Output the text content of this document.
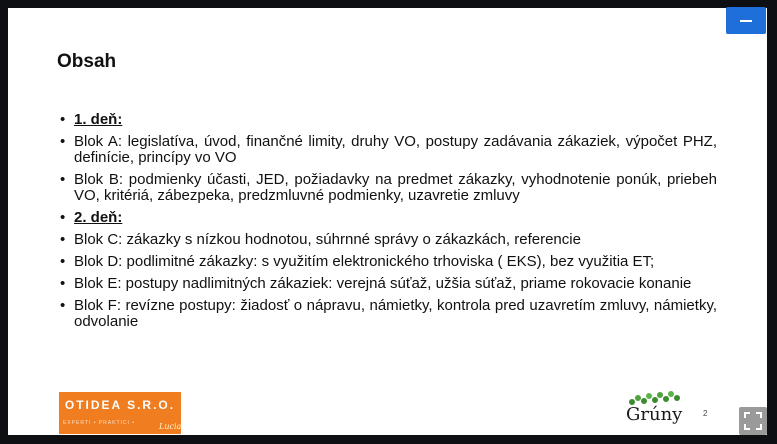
Obsah
• 1. deň:
• Blok A: legislatíva, úvod, finančné limity, druhy VO, postupy zadávania zákaziek, výpočet PHZ, definície, princípy vo VO
• Blok B: podmienky účasti, JED, požiadavky na predmet zákazky, vyhodnotenie ponúk, priebeh VO, kritériá, zábezpeka, predzmluvné podmienky, uzavretie zmluvy
• 2. deň:
• Blok C: zákazky s nízkou hodnotou, súhrnné správy o zákazkách, referencie
• Blok D: podlimitné zákazky: s využitím elektronického trhoviska ( EKS), bez využitia ET;
• Blok E: postupy nadlimitných zákaziek: verejná súťaž, užšia súťaž, priame rokovacie konanie
• Blok F: revízne postupy: žiadosť o nápravu, námietky, kontrola pred uzavretím zmluvy, námietky, odvolanie
OTIDEA S.R.O.
EXPERTI • PRAKTICI •	Lucia
Grúny	2
